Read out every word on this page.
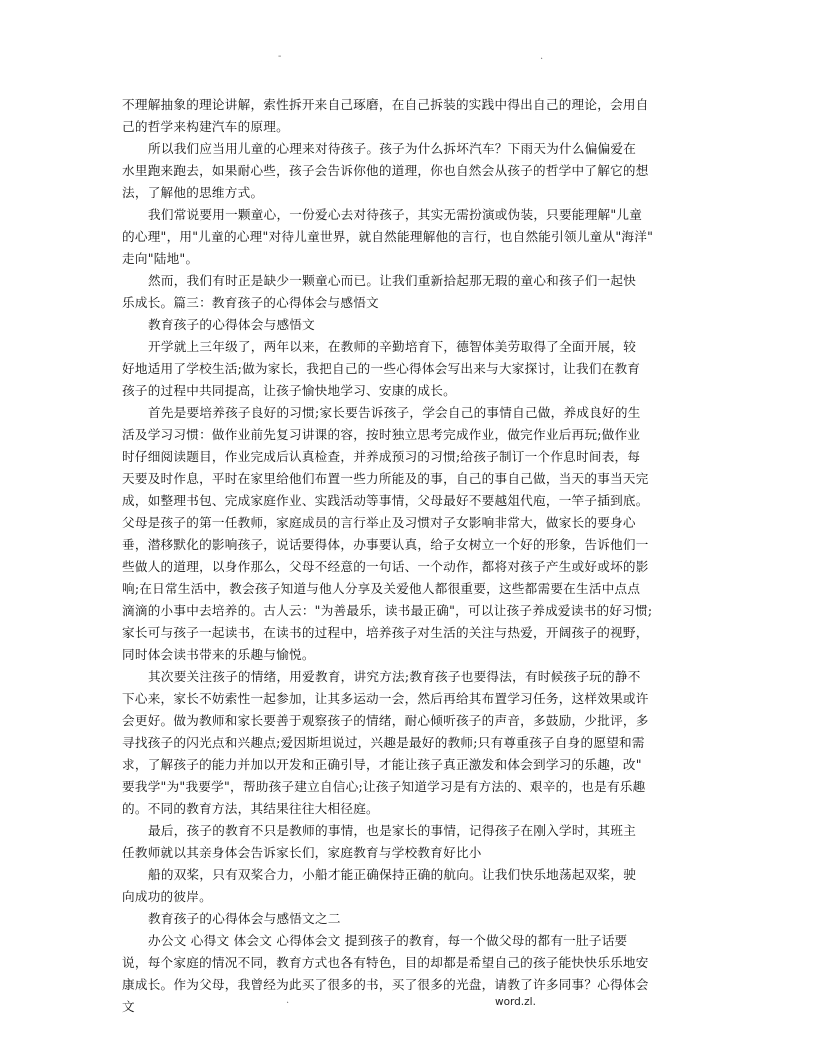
-	.
不理解抽象的理论讲解，索性拆开来自己琢磨，在自己拆装的实践中得出自己的理论，会用自
己的哲学来构建汽车的原理。
所以我们应当用儿童的心理来对待孩子。孩子为什么拆坏汽车？下雨天为什么偏偏爱在
水里跑来跑去，如果耐心些，孩子会告诉你他的道理，你也自然会从孩子的哲学中了解它的想
法，了解他的思维方式。
我们常说要用一颗童心，一份爱心去对待孩子，其实无需扮演或伪装，只要能理解"儿童
的心理"，用"儿童的心理"对待儿童世界，就自然能理解他的言行，也自然能引领儿童从"海洋"
走向"陆地"。
然而，我们有时正是缺少一颗童心而已。让我们重新拾起那无瑕的童心和孩子们一起快
乐成长。篇三：教育孩子的心得体会与感悟文
教育孩子的心得体会与感悟文
开学就上三年级了，两年以来，在教师的辛勤培育下，德智体美劳取得了全面开展，较
好地适用了学校生活;做为家长，我把自己的一些心得体会写出来与大家探讨，让我们在教育
孩子的过程中共同提高，让孩子愉快地学习、安康的成长。
首先是要培养孩子良好的习惯;家长要告诉孩子，学会自己的事情自己做，养成良好的生
活及学习习惯：做作业前先复习讲课的容，按时独立思考完成作业，做完作业后再玩;做作业
时仔细阅读题目，作业完成后认真检查，并养成预习的习惯;给孩子制订一个作息时间表，每
天要及时作息，平时在家里给他们布置一些力所能及的事，自己的事自己做，当天的事当天完
成，如整理书包、完成家庭作业、实践活动等事情，父母最好不要越俎代庖，一竿子插到底。
父母是孩子的第一任教师，家庭成员的言行举止及习惯对子女影响非常大，做家长的要身心
垂，潜移默化的影响孩子，说话要得体，办事要认真，给子女树立一个好的形象，告诉他们一
些做人的道理，以身作那么，父母不经意的一句话、一个动作，都将对孩子产生或好或坏的影
响;在日常生活中，教会孩子知道与他人分享及关爱他人都很重要，这些都需要在生活中点点
滴滴的小事中去培养的。古人云："为善最乐，读书最正确"，可以让孩子养成爱读书的好习惯;
家长可与孩子一起读书，在读书的过程中，培养孩子对生活的关注与热爱，开阔孩子的视野，
同时体会读书带来的乐趣与愉悦。
其次要关注孩子的情绪，用爱教育，讲究方法;教育孩子也要得法，有时候孩子玩的静不
下心来，家长不妨索性一起参加，让其多运动一会，然后再给其布置学习任务，这样效果或许
会更好。做为教师和家长要善于观察孩子的情绪，耐心倾听孩子的声音，多鼓励，少批评，多
寻找孩子的闪光点和兴趣点;爱因斯坦说过，兴趣是最好的教师;只有尊重孩子自身的愿望和需
求，了解孩子的能力并加以开发和正确引导，才能让孩子真正激发和体会到学习的乐趣，改"
要我学"为"我要学"，帮助孩子建立自信心;让孩子知道学习是有方法的、艰辛的，也是有乐趣
的。不同的教育方法，其结果往往大相径庭。
最后，孩子的教育不只是教师的事情，也是家长的事情，记得孩子在刚入学时，其班主
任教师就以其亲身体会告诉家长们，家庭教育与学校教育好比小
船的双桨，只有双桨合力，小船才能正确保持正确的航向。让我们快乐地荡起双桨，驶
向成功的彼岸。
教育孩子的心得体会与感悟文之二
办公文 心得文 体会文 心得体会文 提到孩子的教育，每一个做父母的都有一肚子话要
说，每个家庭的情况不同，教育方式也各有特色，目的却都是希望自己的孩子能快快乐乐地安
康成长。作为父母，我曾经为此买了很多的书，买了很多的光盘，请教了许多同事？心得体会
文	.	word.zl.
